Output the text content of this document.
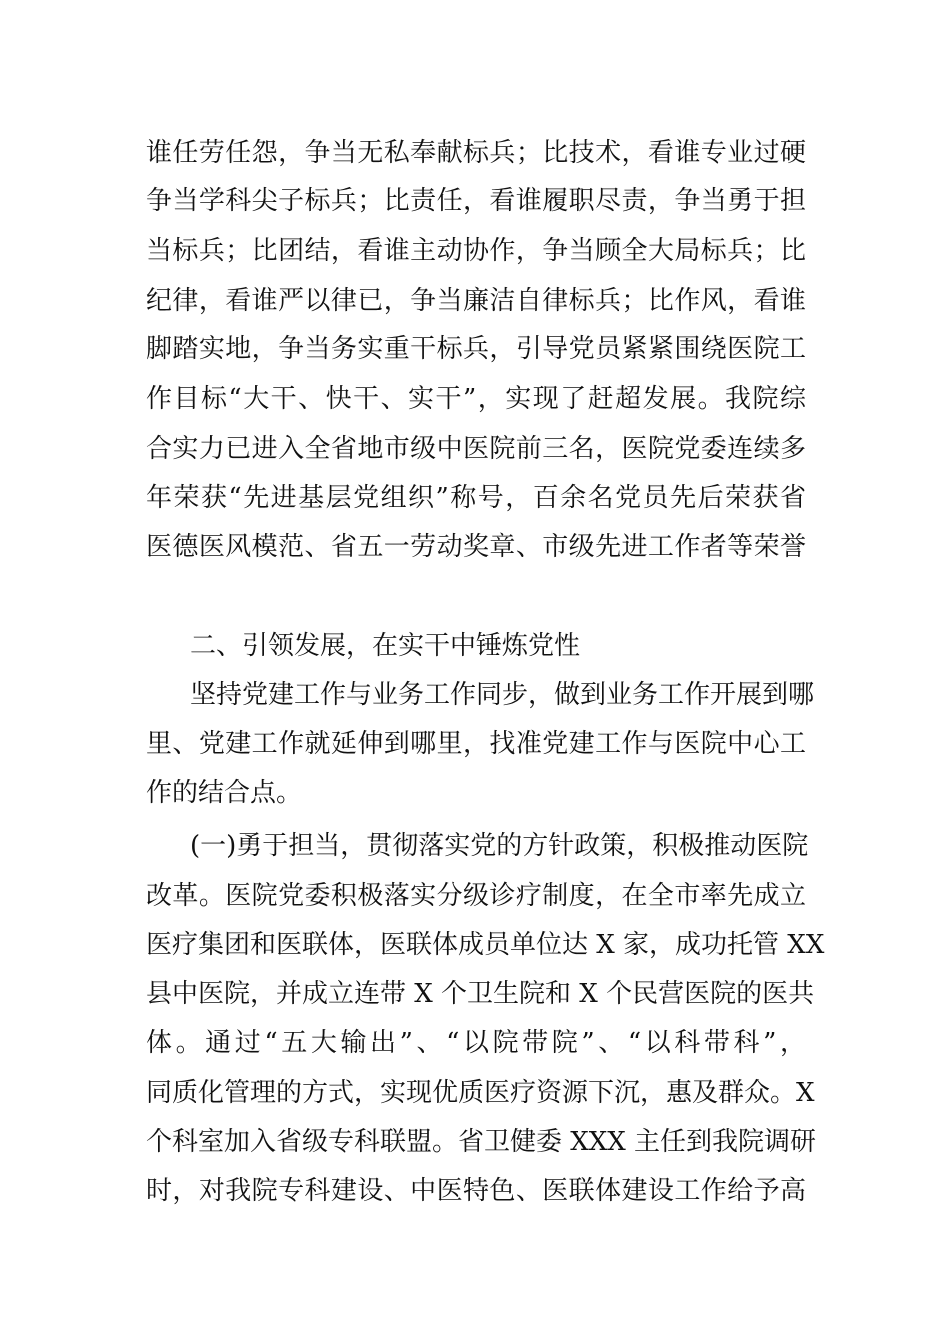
谁任劳任怨，争当无私奉献标兵；比技术，看谁专业过硬
争当学科尖子标兵；比责任，看谁履职尽责，争当勇于担
当标兵；比团结，看谁主动协作，争当顾全大局标兵；比
纪律，看谁严以律已，争当廉洁自律标兵；比作风，看谁
脚踏实地，争当务实重干标兵，引导党员紧紧围绕医院工
作目标“大干、快干、实干”，实现了赶超发展。我院综
合实力已进入全省地市级中医院前三名，医院党委连续多
年荣获“先进基层党组织”称号，百余名党员先后荣获省
医德医风模范、省五一劳动奖章、市级先进工作者等荣誉
二、引领发展，在实干中锤炼党性
坚持党建工作与业务工作同步，做到业务工作开展到哪
里、党建工作就延伸到哪里，找准党建工作与医院中心工
作的结合点。
(一)勇于担当，贯彻落实党的方针政策，积极推动医院
改革。医院党委积极落实分级诊疗制度，在全市率先成立
医疗集团和医联体，医联体成员单位达 X 家，成功托管 XX
县中医院，并成立连带 X 个卫生院和 X 个民营医院的医共
体。通过“五大输出”、“以院带院”、“以科带科”，
同质化管理的方式，实现优质医疗资源下沉，惠及群众。X
个科室加入省级专科联盟。省卫健委 XXX 主任到我院调研
时，对我院专科建设、中医特色、医联体建设工作给予高
